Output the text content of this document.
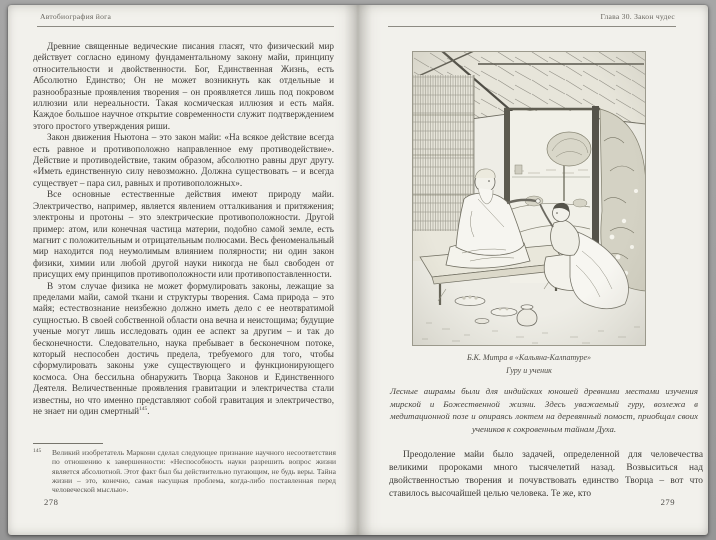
Автобиография йога

Древние священные ведические писания гласят, что физический мир действует согласно единому фундаментальному закону майи, принципу относительности и двойственности. Бог, Единственная Жизнь, есть Абсолютно Единство; Он не может возникнуть как отдельные и разнообразные проявления творения – он проявляется лишь под покровом иллюзии или нереальности. Такая космическая иллюзия и есть майя. Каждое большое научное открытие современности служит подтверждением этого простого утверждения риши.

Закон движения Ньютона – это закон майи: «На всякое действие всегда есть равное и противоположно направленное ему противодействие». Действие и противодействие, таким образом, абсолютно равны друг другу. «Иметь единственную силу невозможно. Должна существовать – и всегда существует – пара сил, равных и противоположных».

Все основные естественные действия имеют природу майи. Электричество, например, является явлением отталкивания и притяжения; электроны и протоны – это электрические противоположности. Другой пример: атом, или конечная частица материи, подобно самой земле, есть магнит с положительным и отрицательным полюсами. Весь феноменальный мир находится под неумолимым влиянием полярности; ни один закон физики, химии или любой другой науки никогда не был свободен от присущих ему принципов противоположности или противопоставленности.

В этом случае физика не может формулировать законы, лежащие за пределами майи, самой ткани и структуры творения. Сама природа – это майя; естествознание неизбежно должно иметь дело с ее неотвратимой сущностью. В своей собственной области она вечна и неистощима; будущие ученые могут лишь исследовать один ее аспект за другим – и так до бесконечности. Следовательно, наука пребывает в бесконечном потоке, который неспособен достичь предела, требуемого для того, чтобы сформулировать законы уже существующего и функционирующего космоса. Она бессильна обнаружить Творца Законов и Единственного Деятеля. Величественные проявления гравитации и электричества стали известны, но что именно представляют собой гравитация и электричество, не знает ни один смертный$^{145}$.

145 Великий изобретатель Маркони сделал следующее признание научного несоответствия по отношению к завершенности: «Неспособность науки разрешить вопрос жизни является абсолютной. Этот факт был бы действительно пугающим, не будь веры. Тайна жизни – это, конечно, самая насущная проблема, когда-либо поставленная перед человеческой мыслью».
278
Глава 30. Закон чудес
Б.К. Митра в «Кальяна-Калпатуре»
Гуру и ученик
Лесные ашрамы были для индийских юношей древними местами изучения мирской и Божественной жизни. Здесь уважаемый гуру, возлежа в медитационной позе и опираясь локтем на деревянный помост, приобщал своих учеников к сокровенным тайнам Духа.
Преодоление майи было задачей, определенной для человечества великими пророками много тысячелетий назад. Возвыситься над двойственностью творения и почувствовать единство Творца – вот что ставилось высочайшей целью человека. Те же, кто
279
